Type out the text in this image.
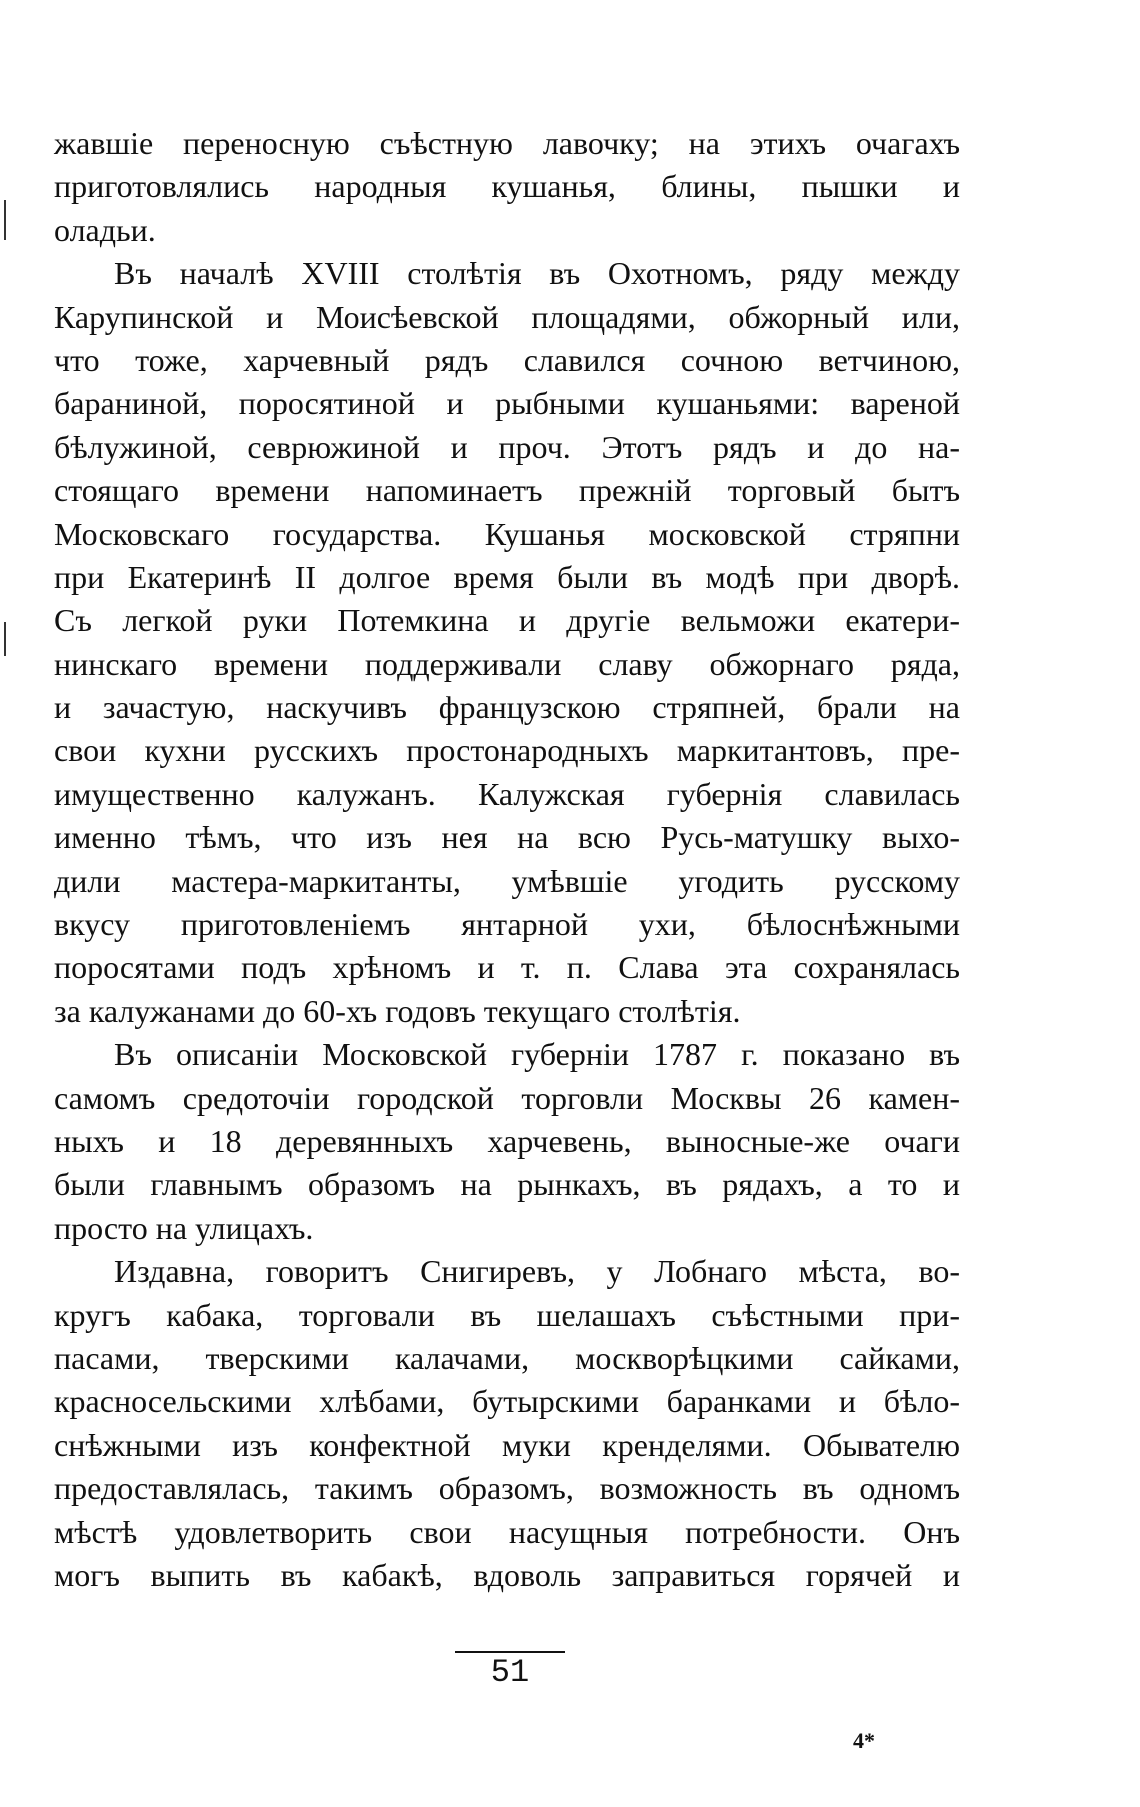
жавшіе переносную съѣстную лавочку; на этихъ очагахъ
приготовлялись народныя кушанья, блины, пышки и
оладьи.
Въ началѣ XVIII столѣтія въ Охотномъ, ряду между
Карупинской и Моисѣевской площадями, обжорный или,
что тоже, харчевный рядъ славился сочною ветчиною,
бараниной, поросятиной и рыбными кушаньями: вареной
бѣлужиной, севрюжиной и проч. Этотъ рядъ и до на-
стоящаго времени напоминаетъ прежній торговый бытъ
Московскаго государства. Кушанья московской стряпни
при Екатеринѣ II долгое время были въ модѣ при дворѣ.
Съ легкой руки Потемкина и другіе вельможи екатери-
нинскаго времени поддерживали славу обжорнаго ряда,
и зачастую, наскучивъ французскою стряпней, брали на
свои кухни русскихъ простонародныхъ маркитантовъ, пре-
имущественно калужанъ. Калужская губернія славилась
именно тѣмъ, что изъ нея на всю Русь-матушку выхо-
дили мастера-маркитанты, умѣвшіе угодить русскому
вкусу приготовленіемъ янтарной ухи, бѣлоснѣжными
поросятами подъ хрѣномъ и т. п. Слава эта сохранялась
за калужанами до 60-хъ годовъ текущаго столѣтія.
Въ описаніи Московской губерніи 1787 г. показано въ
самомъ средоточіи городской торговли Москвы 26 камен-
ныхъ и 18 деревянныхъ харчевень, выносные-же очаги
были главнымъ образомъ на рынкахъ, въ рядахъ, а то и
просто на улицахъ.
Издавна, говоритъ Снигиревъ, у Лобнаго мѣста, во-
кругъ кабака, торговали въ шелашахъ съѣстными при-
пасами, тверскими калачами, москворѣцкими сайками,
красносельскими хлѣбами, бутырскими баранками и бѣло-
снѣжными изъ конфектной муки кренделями. Обывателю
предоставлялась, такимъ образомъ, возможность въ одномъ
мѣстѣ удовлетворить свои насущныя потребности. Онъ
могъ выпить въ кабакѣ, вдоволь заправиться горячей и
51
4*
